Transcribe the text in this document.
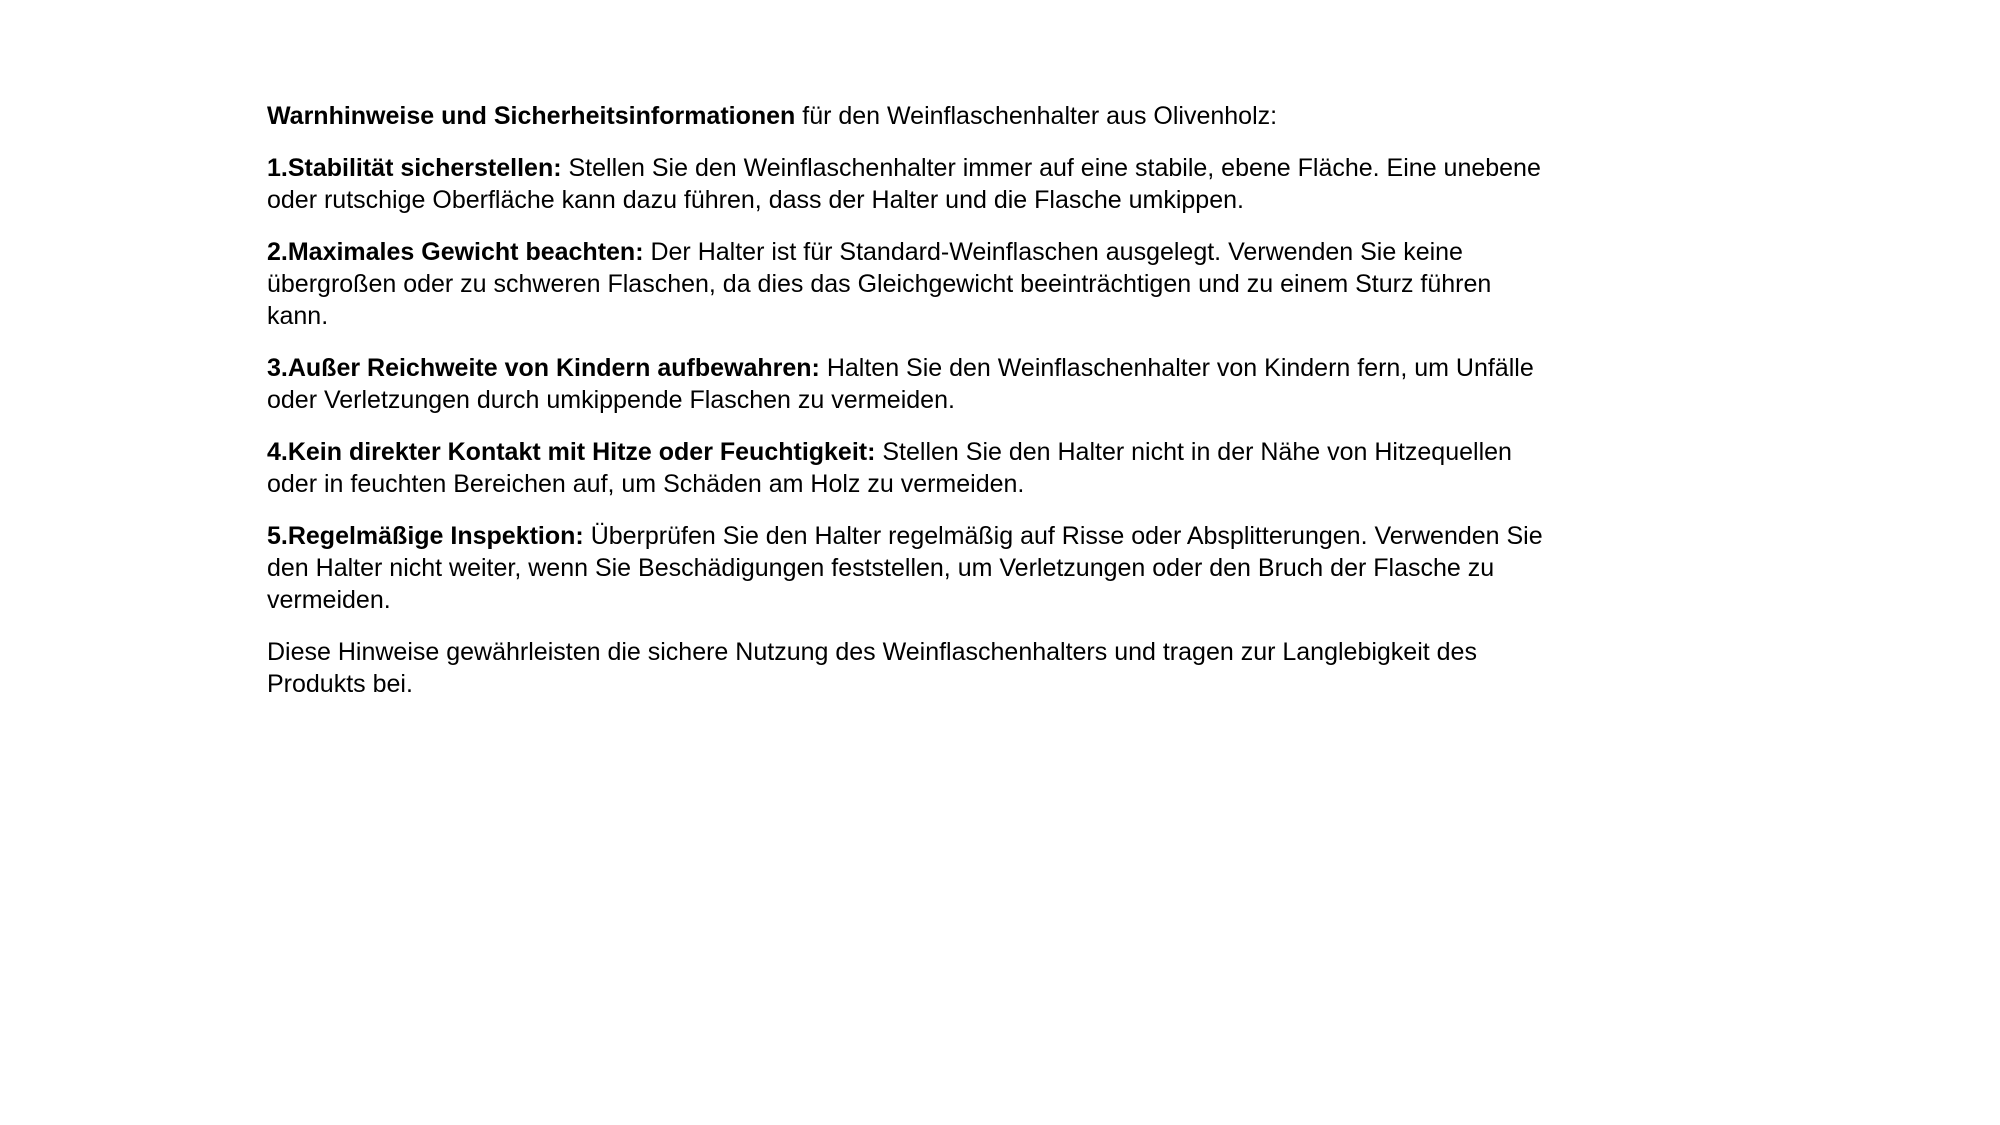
Warnhinweise und Sicherheitsinformationen für den Weinflaschenhalter aus Olivenholz:

1.Stabilität sicherstellen: Stellen Sie den Weinflaschenhalter immer auf eine stabile, ebene Fläche. Eine unebene oder rutschige Oberfläche kann dazu führen, dass der Halter und die Flasche umkippen.

2.Maximales Gewicht beachten: Der Halter ist für Standard-Weinflaschen ausgelegt. Verwenden Sie keine übergroßen oder zu schweren Flaschen, da dies das Gleichgewicht beeinträchtigen und zu einem Sturz führen kann.

3.Außer Reichweite von Kindern aufbewahren: Halten Sie den Weinflaschenhalter von Kindern fern, um Unfälle oder Verletzungen durch umkippende Flaschen zu vermeiden.

4.Kein direkter Kontakt mit Hitze oder Feuchtigkeit: Stellen Sie den Halter nicht in der Nähe von Hitzequellen oder in feuchten Bereichen auf, um Schäden am Holz zu vermeiden.

5.Regelmäßige Inspektion: Überprüfen Sie den Halter regelmäßig auf Risse oder Absplitterungen. Verwenden Sie den Halter nicht weiter, wenn Sie Beschädigungen feststellen, um Verletzungen oder den Bruch der Flasche zu vermeiden.

Diese Hinweise gewährleisten die sichere Nutzung des Weinflaschenhalters und tragen zur Langlebigkeit des Produkts bei.
